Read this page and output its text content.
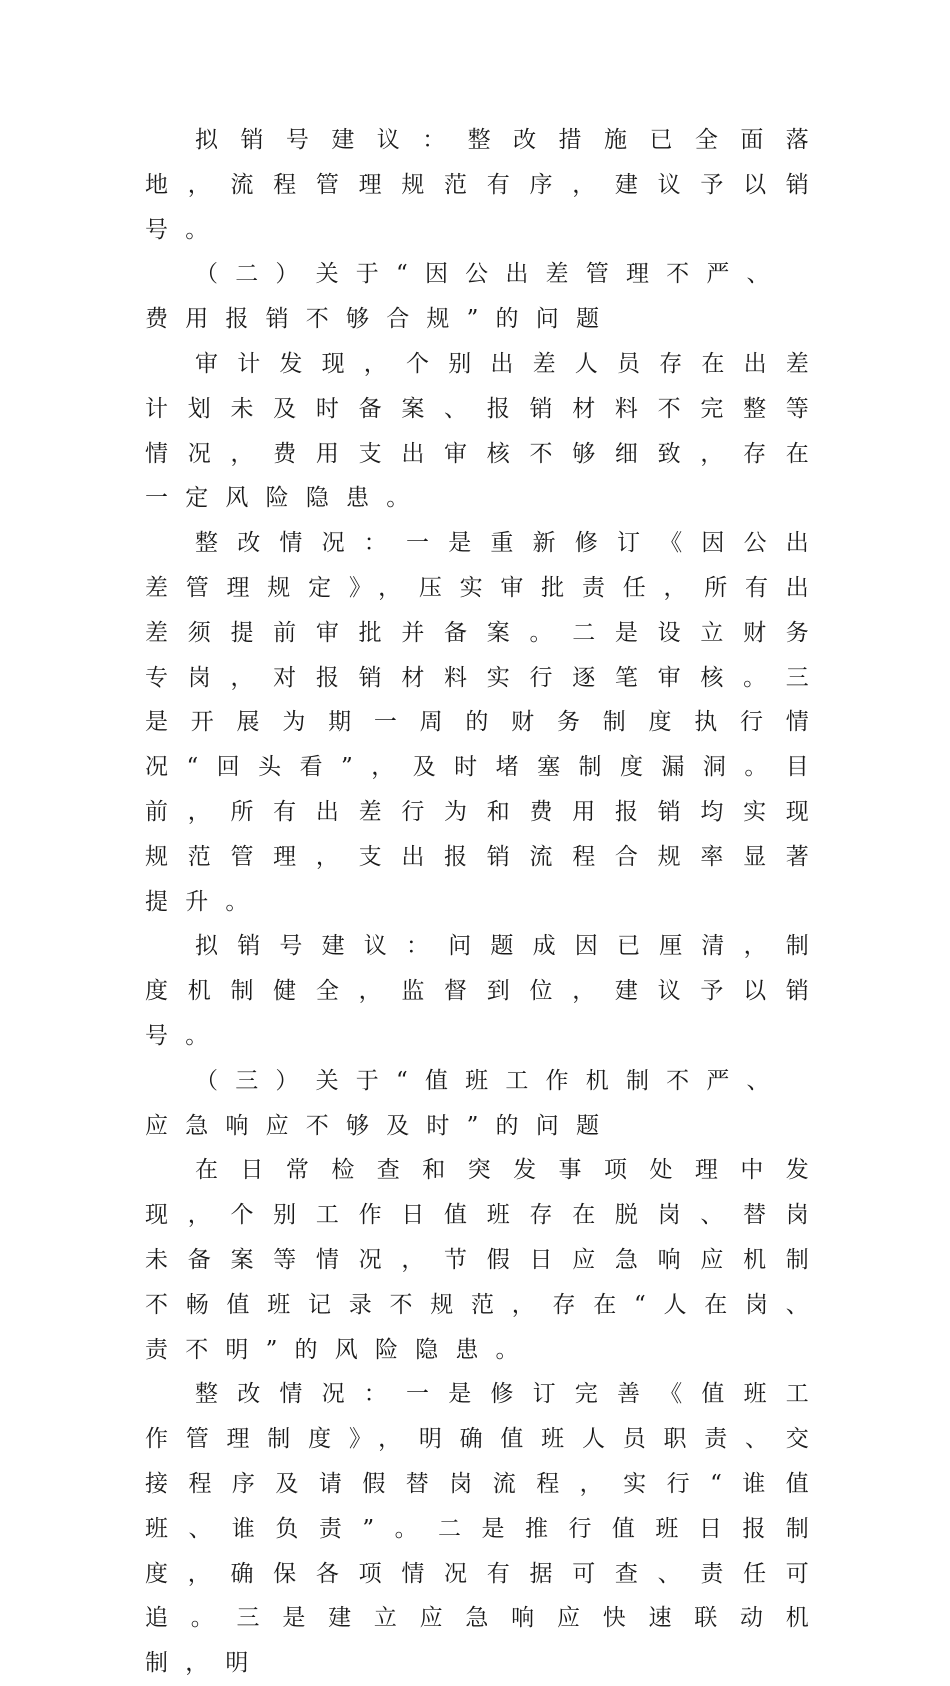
拟销号建议：整改措施已全面落地，流程管理规范有序，建议予以销号。

（二）关于“因公出差管理不严、费用报销不够合规”的问题

审计发现，个别出差人员存在出差计划未及时备案、报销材料不完整等情况，费用支出审核不够细致，存在一定风险隐患。

整改情况：一是重新修订《因公出差管理规定》，压实审批责任，所有出差须提前审批并备案。二是设立财务专岗，对报销材料实行逐笔审核。三是开展为期一周的财务制度执行情况“回头看”，及时堵塞制度漏洞。目前，所有出差行为和费用报销均实现规范管理，支出报销流程合规率显著提升。

拟销号建议：问题成因已厘清，制度机制健全，监督到位，建议予以销号。

（三）关于“值班工作机制不严、应急响应不够及时”的问题

在日常检查和突发事项处理中发现，个别工作日值班存在脱岗、替岗未备案等情况，节假日应急响应机制不畅值班记录不规范，存在“人在岗、责不明”的风险隐患。

整改情况：一是修订完善《值班工作管理制度》，明确值班人员职责、交接程序及请假替岗流程，实行“谁值班、谁负责”。二是推行值班日报制度，确保各项情况有据可查、责任可追。三是建立应急响应快速联动机制，明
